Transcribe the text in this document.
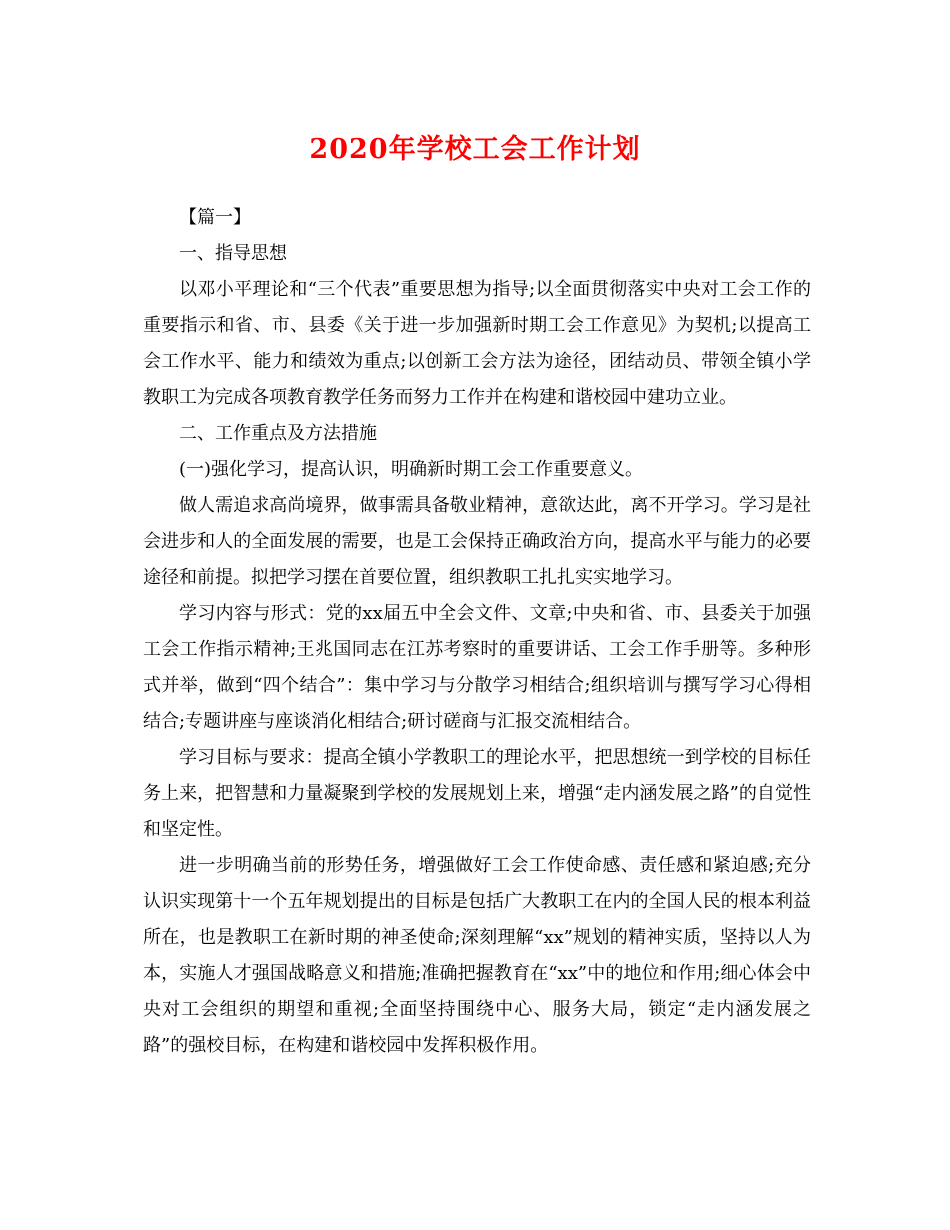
2020年学校工会工作计划

【篇一】

一、指导思想

以邓小平理论和“三个代表”重要思想为指导;以全面贯彻落实中央对工会工作的重要指示和省、市、县委《关于进一步加强新时期工会工作意见》为契机;以提高工会工作水平、能力和绩效为重点;以创新工会方法为途径，团结动员、带领全镇小学教职工为完成各项教育教学任务而努力工作并在构建和谐校园中建功立业。

二、工作重点及方法措施

(一)强化学习，提高认识，明确新时期工会工作重要意义。

做人需追求高尚境界，做事需具备敬业精神，意欲达此，离不开学习。学习是社会进步和人的全面发展的需要，也是工会保持正确政治方向，提高水平与能力的必要途径和前提。拟把学习摆在首要位置，组织教职工扎扎实实地学习。

学习内容与形式：党的xx届五中全会文件、文章;中央和省、市、县委关于加强工会工作指示精神;王兆国同志在江苏考察时的重要讲话、工会工作手册等。多种形式并举，做到“四个结合”：集中学习与分散学习相结合;组织培训与撰写学习心得相结合;专题讲座与座谈消化相结合;研讨磋商与汇报交流相结合。

学习目标与要求：提高全镇小学教职工的理论水平，把思想统一到学校的目标任务上来，把智慧和力量凝聚到学校的发展规划上来，增强“走内涵发展之路”的自觉性和坚定性。

进一步明确当前的形势任务，增强做好工会工作使命感、责任感和紧迫感;充分认识实现第十一个五年规划提出的目标是包括广大教职工在内的全国人民的根本利益所在，也是教职工在新时期的神圣使命;深刻理解“xx”规划的精神实质，坚持以人为本，实施人才强国战略意义和措施;准确把握教育在“xx”中的地位和作用;细心体会中央对工会组织的期望和重视;全面坚持围绕中心、服务大局，锁定“走内涵发展之路”的强校目标，在构建和谐校园中发挥积极作用。
